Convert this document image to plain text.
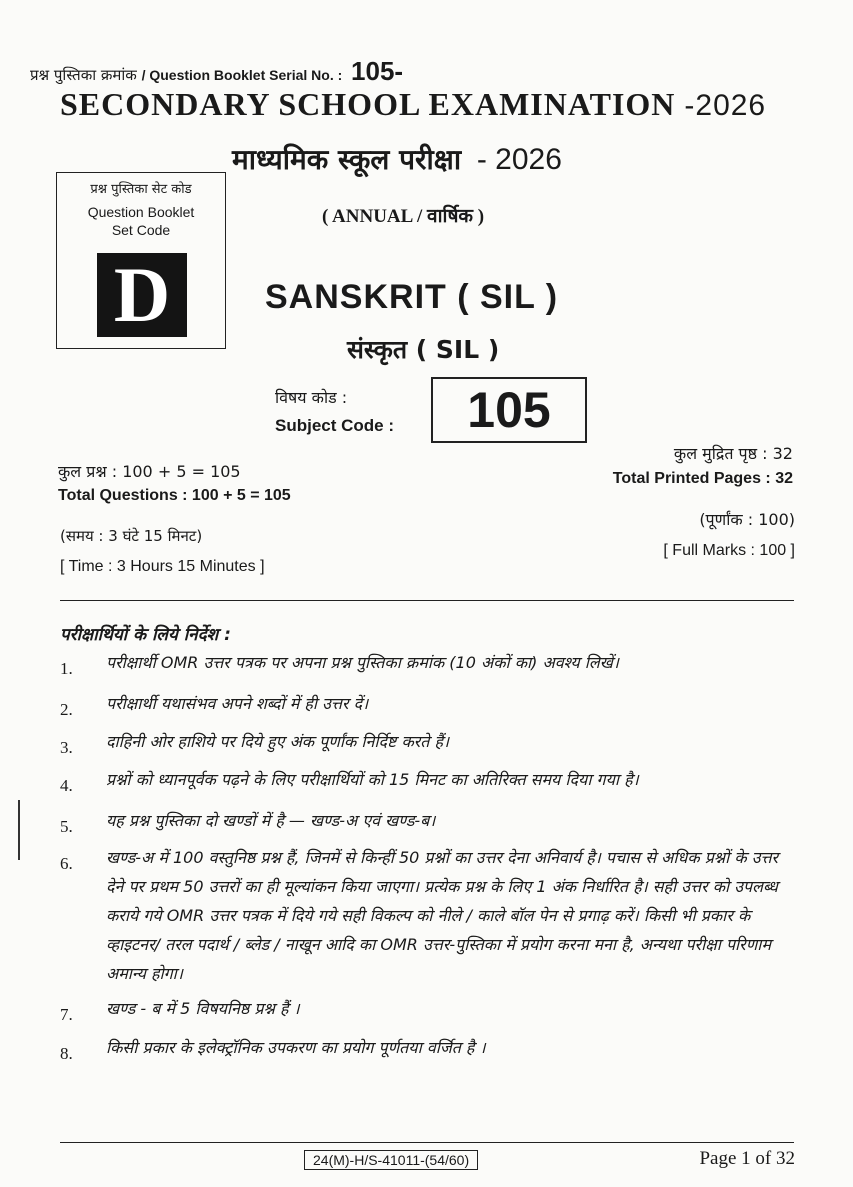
प्रश्न पुस्तिका क्रमांक / Question Booklet Serial No. : 105-
SECONDARY SCHOOL EXAMINATION -2026
माध्यमिक स्कूल परीक्षा - 2026
प्रश्न पुस्तिका सेट कोड
Question Booklet
Set Code
D
( ANNUAL / वार्षिक )
SANSKRIT ( SIL )
संस्कृत ( SIL )
विषय कोड :
Subject Code :	105
कुल प्रश्न : 100 + 5 = 105
Total Questions : 100 + 5 = 105
(समय : 3 घंटे 15 मिनट)
[ Time : 3 Hours 15 Minutes ]
कुल मुद्रित पृष्ठ : 32
Total Printed Pages : 32
(पूर्णांक : 100)
[ Full Marks : 100 ]
परीक्षार्थियों के लिये निर्देश :
1.	परीक्षार्थी OMR उत्तर पत्रक पर अपना प्रश्न पुस्तिका क्रमांक (10 अंकों का) अवश्य लिखें।
2.	परीक्षार्थी यथासंभव अपने शब्दों में ही उत्तर दें।
3.	दाहिनी ओर हाशिये पर दिये हुए अंक पूर्णांक निर्दिष्ट करते हैं।
4.	प्रश्नों को ध्यानपूर्वक पढ़ने के लिए परीक्षार्थियों को 15 मिनट का अतिरिक्त समय दिया गया है।
5.	यह प्रश्न पुस्तिका दो खण्डों में है — खण्ड-अ एवं खण्ड-ब।
6.	खण्ड-अ में 100 वस्तुनिष्ठ प्रश्न हैं, जिनमें से किन्हीं 50 प्रश्नों का उत्तर देना अनिवार्य है। पचास से अधिक प्रश्नों के उत्तर देने पर प्रथम 50 उत्तरों का ही मूल्यांकन किया जाएगा। प्रत्येक प्रश्न के लिए 1 अंक निर्धारित है। सही उत्तर को उपलब्ध कराये गये OMR उत्तर पत्रक में दिये गये सही विकल्प को नीले / काले बॉल पेन से प्रगाढ़ करें। किसी भी प्रकार के व्हाइटनर/ तरल पदार्थ / ब्लेड / नाखून आदि का OMR उत्तर-पुस्तिका में प्रयोग करना मना है, अन्यथा परीक्षा परिणाम अमान्य होगा।
7.	खण्ड - ब में 5 विषयनिष्ठ प्रश्न हैं ।
8.	किसी प्रकार के इलेक्ट्रॉनिक उपकरण का प्रयोग पूर्णतया वर्जित है ।
24(M)-H/S-41011-(54/60)	Page 1 of 32
